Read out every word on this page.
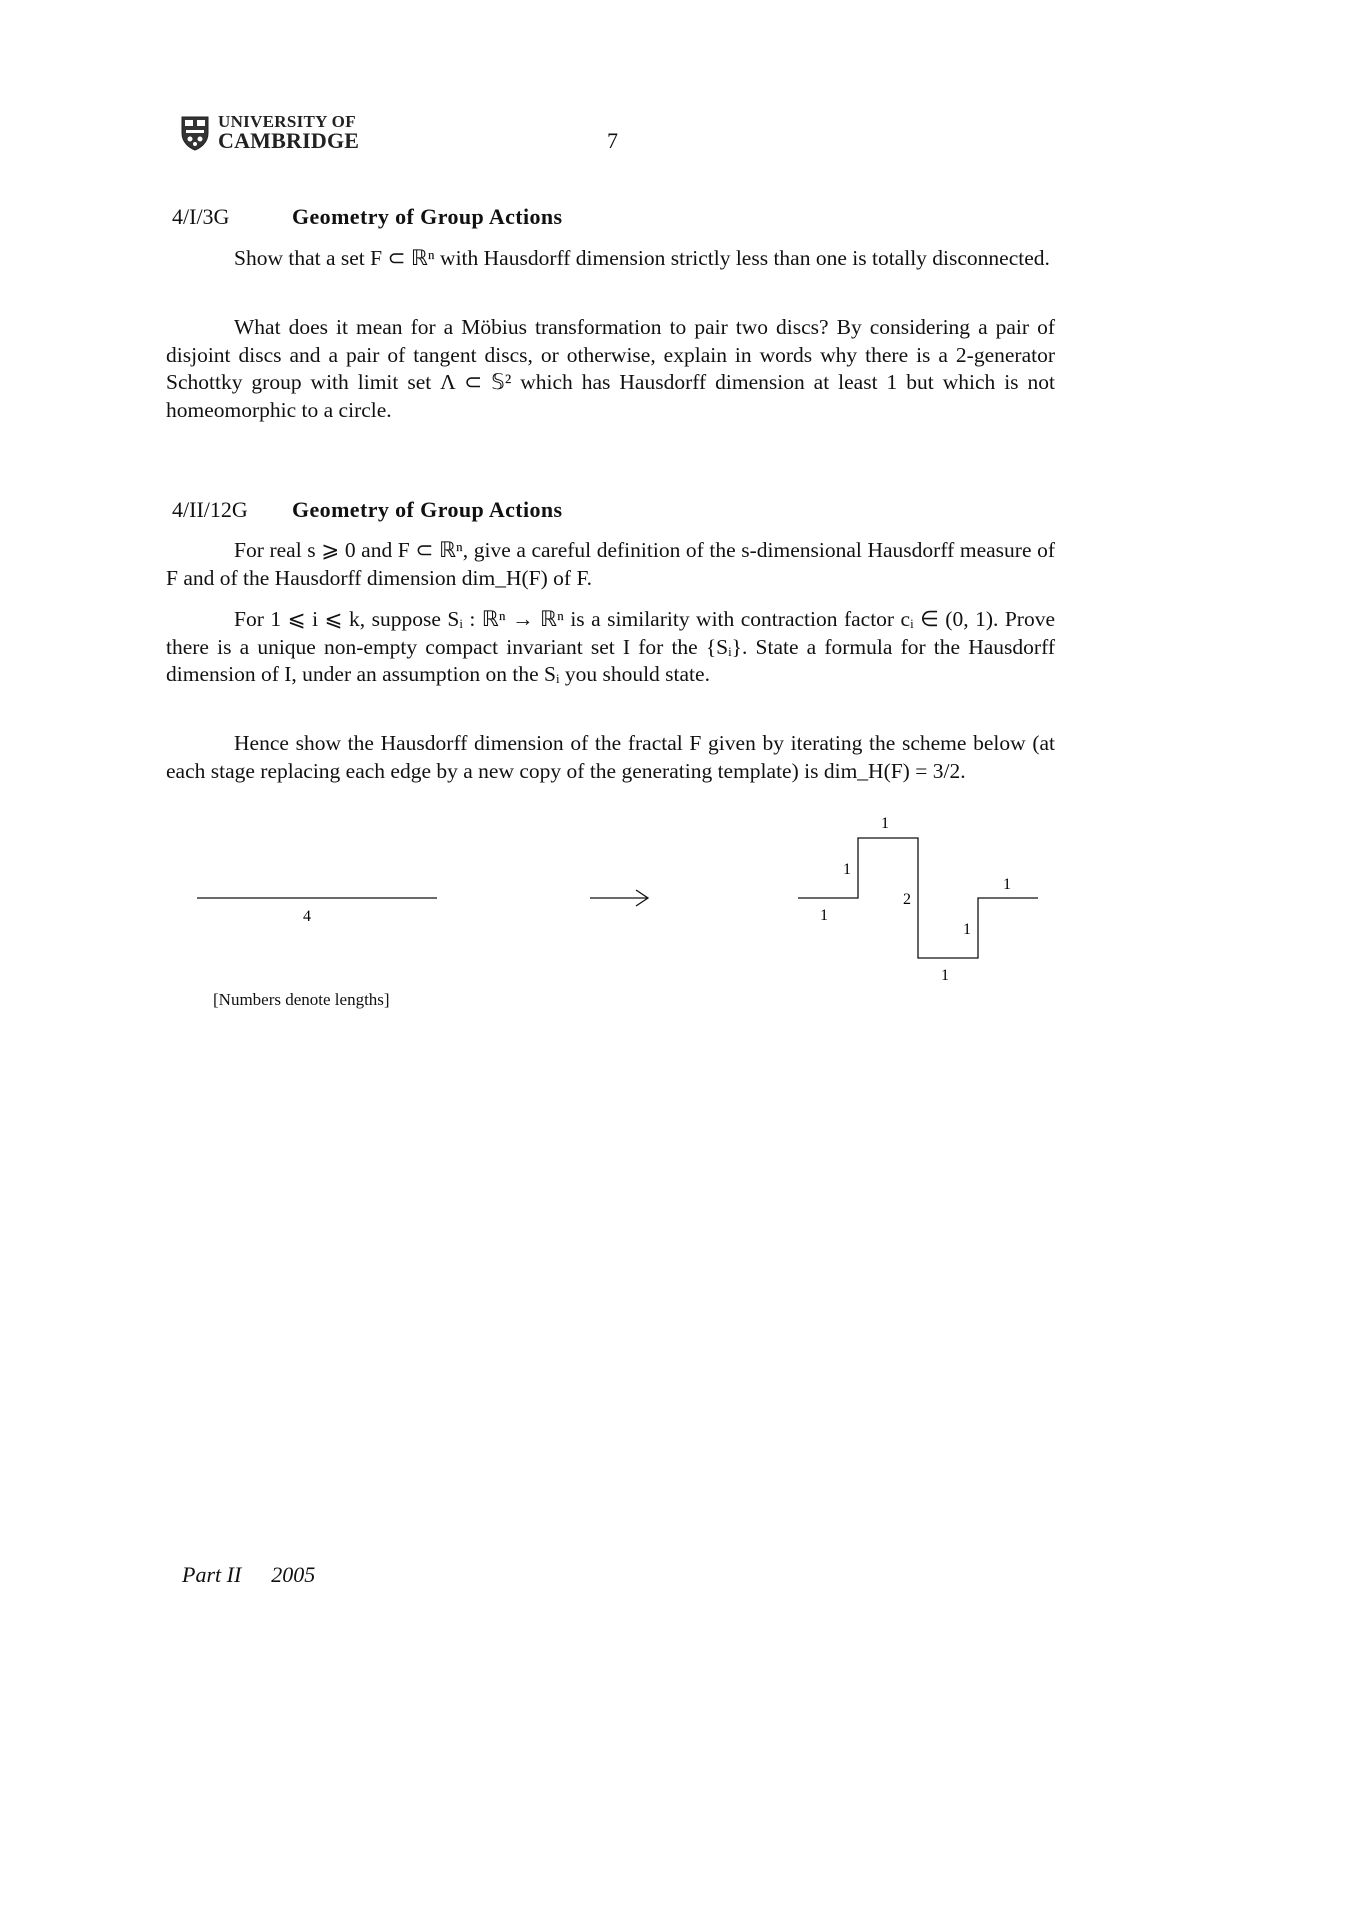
UNIVERSITY OF
CAMBRIDGE	7
4/I/3G	Geometry of Group Actions

Show that a set F ⊂ ℝⁿ with Hausdorff dimension strictly less than one is totally disconnected.

What does it mean for a Möbius transformation to pair two discs? By considering a pair of disjoint discs and a pair of tangent discs, or otherwise, explain in words why there is a 2-generator Schottky group with limit set Λ ⊂ 𝕊² which has Hausdorff dimension at least 1 but which is not homeomorphic to a circle.

4/II/12G	Geometry of Group Actions

For real s ⩾ 0 and F ⊂ ℝⁿ, give a careful definition of the s-dimensional Hausdorff measure of F and of the Hausdorff dimension dim_H(F) of F.

For 1 ⩽ i ⩽ k, suppose Sᵢ : ℝⁿ → ℝⁿ is a similarity with contraction factor cᵢ ∈ (0, 1). Prove there is a unique non-empty compact invariant set I for the {Sᵢ}. State a formula for the Hausdorff dimension of I, under an assumption on the Sᵢ you should state.

Hence show the Hausdorff dimension of the fractal F given by iterating the scheme below (at each stage replacing each edge by a new copy of the generating template) is dim_H(F) = 3/2.

4	1
1
1
2
1
1
1
[Numbers denote lengths]
Part II 2005
